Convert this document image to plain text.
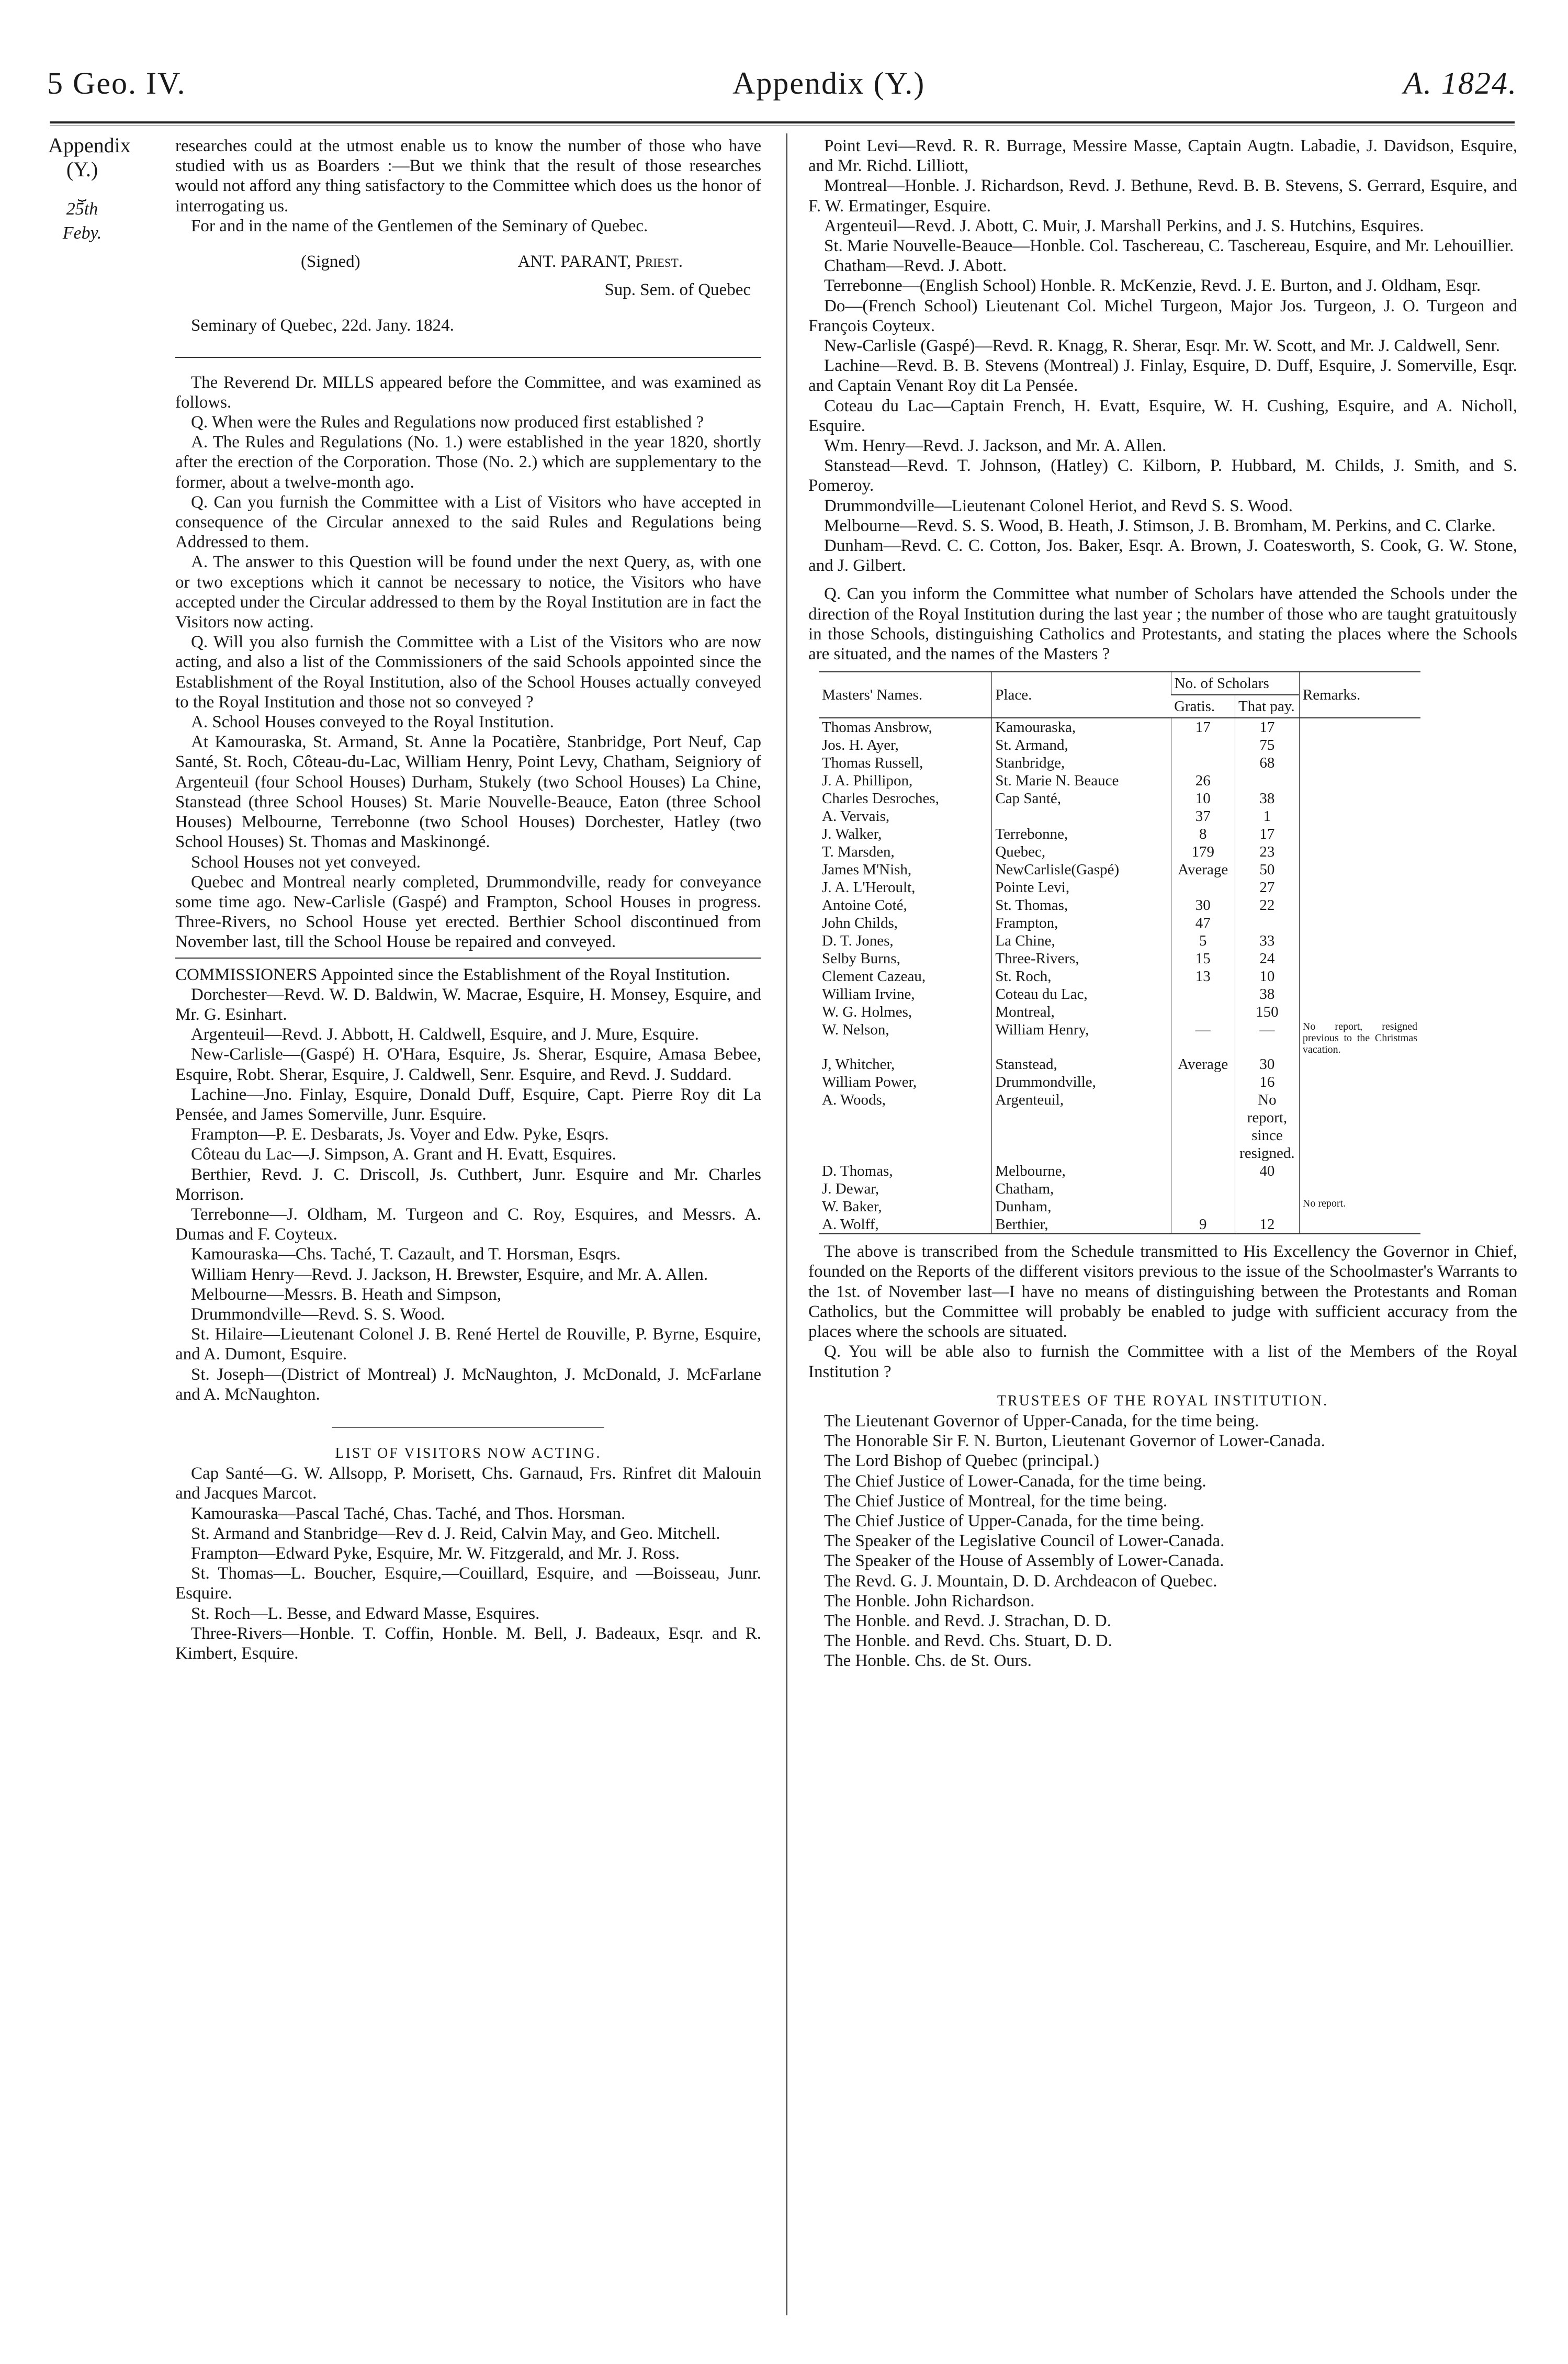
5 Geo. IV.	Appendix (Y.)	A. 1824.
Appendix
(Y.)
⏟
25th Feby.

researches could at the utmost enable us to know the number of those who have studied with us as Boarders :—But we think that the result of those researches would not afford any thing satisfactory to the Committee which does us the honor of interrogating us.

For and in the name of the Gentlemen of the Seminary of Quebec.

(Signed)	ANT. PARANT, Priest.

Sup. Sem. of Quebec

Seminary of Quebec, 22d. Jany. 1824.

The Reverend Dr. MILLS appeared before the Committee, and was examined as follows.

Q. When were the Rules and Regulations now produced first established ?

A. The Rules and Regulations (No. 1.) were established in the year 1820, shortly after the erection of the Corporation. Those (No. 2.) which are supplementary to the former, about a twelve-month ago.

Q. Can you furnish the Committee with a List of Visitors who have accepted in consequence of the Circular annexed to the said Rules and Regulations being Addressed to them.

A. The answer to this Question will be found under the next Query, as, with one or two exceptions which it cannot be necessary to notice, the Visitors who have accepted under the Circular addressed to them by the Royal Institution are in fact the Visitors now acting.

Q. Will you also furnish the Committee with a List of the Visitors who are now acting, and also a list of the Commissioners of the said Schools appointed since the Establishment of the Royal Institution, also of the School Houses actually conveyed to the Royal Institution and those not so conveyed ?

A. School Houses conveyed to the Royal Institution.

At Kamouraska, St. Armand, St. Anne la Pocatière, Stanbridge, Port Neuf, Cap Santé, St. Roch, Côteau-du-Lac, William Henry, Point Levy, Chatham, Seigniory of Argenteuil (four School Houses) Durham, Stukely (two School Houses) La Chine, Stanstead (three School Houses) St. Marie Nouvelle-Beauce, Eaton (three School Houses) Melbourne, Terrebonne (two School Houses) Dorchester, Hatley (two School Houses) St. Thomas and Maskinongé.

School Houses not yet conveyed.

Quebec and Montreal nearly completed, Drummondville, ready for conveyance some time ago. New-Carlisle (Gaspé) and Frampton, School Houses in progress. Three-Rivers, no School House yet erected. Berthier School discontinued from November last, till the School House be repaired and conveyed.

COMMISSIONERS Appointed since the Establishment of the Royal Institution.

Dorchester—Revd. W. D. Baldwin, W. Macrae, Esquire, H. Monsey, Esquire, and Mr. G. Esinhart.

Argenteuil—Revd. J. Abbott, H. Caldwell, Esquire, and J. Mure, Esquire.

New-Carlisle—(Gaspé) H. O'Hara, Esquire, Js. Sherar, Esquire, Amasa Bebee, Esquire, Robt. Sherar, Esquire, J. Caldwell, Senr. Esquire, and Revd. J. Suddard.

Lachine—Jno. Finlay, Esquire, Donald Duff, Esquire, Capt. Pierre Roy dit La Pensée, and James Somerville, Junr. Esquire.

Frampton—P. E. Desbarats, Js. Voyer and Edw. Pyke, Esqrs.

Côteau du Lac—J. Simpson, A. Grant and H. Evatt, Esquires.

Berthier, Revd. J. C. Driscoll, Js. Cuthbert, Junr. Esquire and Mr. Charles Morrison.

Terrebonne—J. Oldham, M. Turgeon and C. Roy, Esquires, and Messrs. A. Dumas and F. Coyteux.

Kamouraska—Chs. Taché, T. Cazault, and T. Horsman, Esqrs.

William Henry—Revd. J. Jackson, H. Brewster, Esquire, and Mr. A. Allen.

Melbourne—Messrs. B. Heath and Simpson,

Drummondville—Revd. S. S. Wood.

St. Hilaire—Lieutenant Colonel J. B. René Hertel de Rouville, P. Byrne, Esquire, and A. Dumont, Esquire.

St. Joseph—(District of Montreal) J. McNaughton, J. McDonald, J. McFarlane and A. McNaughton.

LIST OF VISITORS NOW ACTING.

Cap Santé—G. W. Allsopp, P. Morisett, Chs. Garnaud, Frs. Rinfret dit Malouin and Jacques Marcot.

Kamouraska—Pascal Taché, Chas. Taché, and Thos. Horsman.

St. Armand and Stanbridge—Rev d. J. Reid, Calvin May, and Geo. Mitchell.

Frampton—Edward Pyke, Esquire, Mr. W. Fitzgerald, and Mr. J. Ross.

St. Thomas—L. Boucher, Esquire,—Couillard, Esquire, and —Boisseau, Junr. Esquire.

St. Roch—L. Besse, and Edward Masse, Esquires.

Three-Rivers—Honble. T. Coffin, Honble. M. Bell, J. Badeaux, Esqr. and R. Kimbert, Esquire.

Point Levi—Revd. R. R. Burrage, Messire Masse, Captain Augtn. Labadie, J. Davidson, Esquire, and Mr. Richd. Lilliott,

Montreal—Honble. J. Richardson, Revd. J. Bethune, Revd. B. B. Stevens, S. Gerrard, Esquire, and F. W. Ermatinger, Esquire.

Argenteuil—Revd. J. Abott, C. Muir, J. Marshall Perkins, and J. S. Hutchins, Esquires.

St. Marie Nouvelle-Beauce—Honble. Col. Taschereau, C. Taschereau, Esquire, and Mr. Lehouillier.

Chatham—Revd. J. Abott.

Terrebonne—(English School) Honble. R. McKenzie, Revd. J. E. Burton, and J. Oldham, Esqr.

Do—(French School) Lieutenant Col. Michel Turgeon, Major Jos. Turgeon, J. O. Turgeon and François Coyteux.

New-Carlisle (Gaspé)—Revd. R. Knagg, R. Sherar, Esqr. Mr. W. Scott, and Mr. J. Caldwell, Senr.

Lachine—Revd. B. B. Stevens (Montreal) J. Finlay, Esquire, D. Duff, Esquire, J. Somerville, Esqr. and Captain Venant Roy dit La Pensée.

Coteau du Lac—Captain French, H. Evatt, Esquire, W. H. Cushing, Esquire, and A. Nicholl, Esquire.

Wm. Henry—Revd. J. Jackson, and Mr. A. Allen.

Stanstead—Revd. T. Johnson, (Hatley) C. Kilborn, P. Hubbard, M. Childs, J. Smith, and S. Pomeroy.

Drummondville—Lieutenant Colonel Heriot, and Revd S. S. Wood.

Melbourne—Revd. S. S. Wood, B. Heath, J. Stimson, J. B. Bromham, M. Perkins, and C. Clarke.

Dunham—Revd. C. C. Cotton, Jos. Baker, Esqr. A. Brown, J. Coatesworth, S. Cook, G. W. Stone, and J. Gilbert.

Q. Can you inform the Committee what number of Scholars have attended the Schools under the direction of the Royal Institution during the last year ; the number of those who are taught gratuitously in those Schools, distinguishing Catholics and Protestants, and stating the places where the Schools are situated, and the names of the Masters ?

Masters' Names.	Place.	No. of Scholars		Remarks.
		Gratis.	That pay.	
Thomas Ansbrow,	Kamouraska,	17	17	
Jos. H. Ayer,	St. Armand,		75	
Thomas Russell,	Stanbridge,		68	
J. A. Phillipon,	St. Marie N. Beauce	26		
Charles Desroches,	Cap Santé,	10	38	
A. Vervais,		37	1	
J. Walker,	Terrebonne,	8	17	
T. Marsden,	Quebec,	179	23	
James M'Nish,	NewCarlisle(Gaspé)	Average	50	
J. A. L'Heroult,	Pointe Levi,		27	
Antoine Coté,	St. Thomas,	30	22	
John Childs,	Frampton,	47		
D. T. Jones,	La Chine,	5	33	
Selby Burns,	Three-Rivers,	15	24	
Clement Cazeau,	St. Roch,	13	10	
William Irvine,	Coteau du Lac,		38	
W. G. Holmes,	Montreal,		150	
W. Nelson,	William Henry,	—	—	No report, resigned previous to the Christmas vacation.
J, Whitcher,	Stanstead,	Average	30	
William Power,	Drummondville,		16	
A. Woods,	Argenteuil,		No report, since resigned.	
D. Thomas,	Melbourne,		40	
J. Dewar,	Chatham,			
W. Baker,	Dunham,			No report.
A. Wolff,	Berthier,	9	12	

The above is transcribed from the Schedule transmitted to His Excellency the Governor in Chief, founded on the Reports of the different visitors previous to the issue of the Schoolmaster's Warrants to the 1st. of November last—I have no means of distinguishing between the Protestants and Roman Catholics, but the Committee will probably be enabled to judge with sufficient accuracy from the places where the schools are situated.

Q. You will be able also to furnish the Committee with a list of the Members of the Royal Institution ?

TRUSTEES OF THE ROYAL INSTITUTION.

The Lieutenant Governor of Upper-Canada, for the time being.

The Honorable Sir F. N. Burton, Lieutenant Governor of Lower-Canada.

The Lord Bishop of Quebec (principal.)

The Chief Justice of Lower-Canada, for the time being.

The Chief Justice of Montreal, for the time being.

The Chief Justice of Upper-Canada, for the time being.

The Speaker of the Legislative Council of Lower-Canada.

The Speaker of the House of Assembly of Lower-Canada.

The Revd. G. J. Mountain, D. D. Archdeacon of Quebec.

The Honble. John Richardson.

The Honble. and Revd. J. Strachan, D. D.

The Honble. and Revd. Chs. Stuart, D. D.

The Honble. Chs. de St. Ours.
